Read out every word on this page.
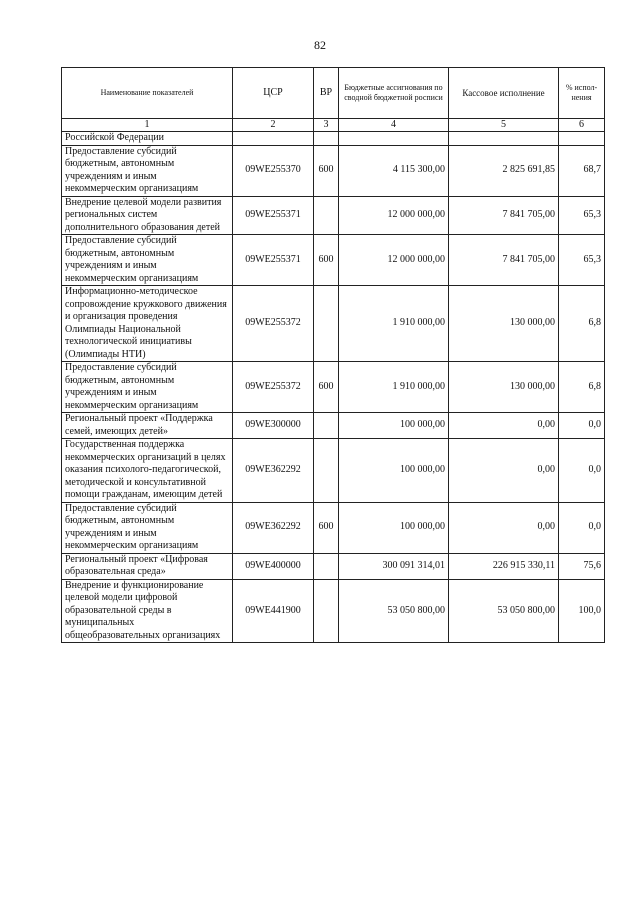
82
Наименование показателей	ЦСР	ВР	Бюджетные ассигнования по сводной бюджетной росписи	Кассовое исполнение	% испол-нения
1	2	3	4	5	6
Российской Федерации					
Предоставление субсидий бюджетным, автономным учреждениям и иным некоммерческим организациям	09WE255370	600	4 115 300,00	2 825 691,85	68,7
Внедрение целевой модели развития региональных систем дополнительного образования детей	09WE255371		12 000 000,00	7 841 705,00	65,3
Предоставление субсидий бюджетным, автономным учреждениям и иным некоммерческим организациям	09WE255371	600	12 000 000,00	7 841 705,00	65,3
Информационно-методическое сопровождение кружкового движения и организация проведения Олимпиады Национальной технологической инициативы (Олимпиады НТИ)	09WE255372		1 910 000,00	130 000,00	6,8
Предоставление субсидий бюджетным, автономным учреждениям и иным некоммерческим организациям	09WE255372	600	1 910 000,00	130 000,00	6,8
Региональный проект «Поддержка семей, имеющих детей»	09WE300000		100 000,00	0,00	0,0
Государственная поддержка некоммерческих организаций в целях оказания психолого-педагогической, методической и консультативной помощи гражданам, имеющим детей	09WE362292		100 000,00	0,00	0,0
Предоставление субсидий бюджетным, автономным учреждениям и иным некоммерческим организациям	09WE362292	600	100 000,00	0,00	0,0
Региональный проект «Цифровая образовательная среда»	09WE400000		300 091 314,01	226 915 330,11	75,6
Внедрение и функционирование целевой модели цифровой образовательной среды в муниципальных общеобразовательных организациях	09WE441900		53 050 800,00	53 050 800,00	100,0
